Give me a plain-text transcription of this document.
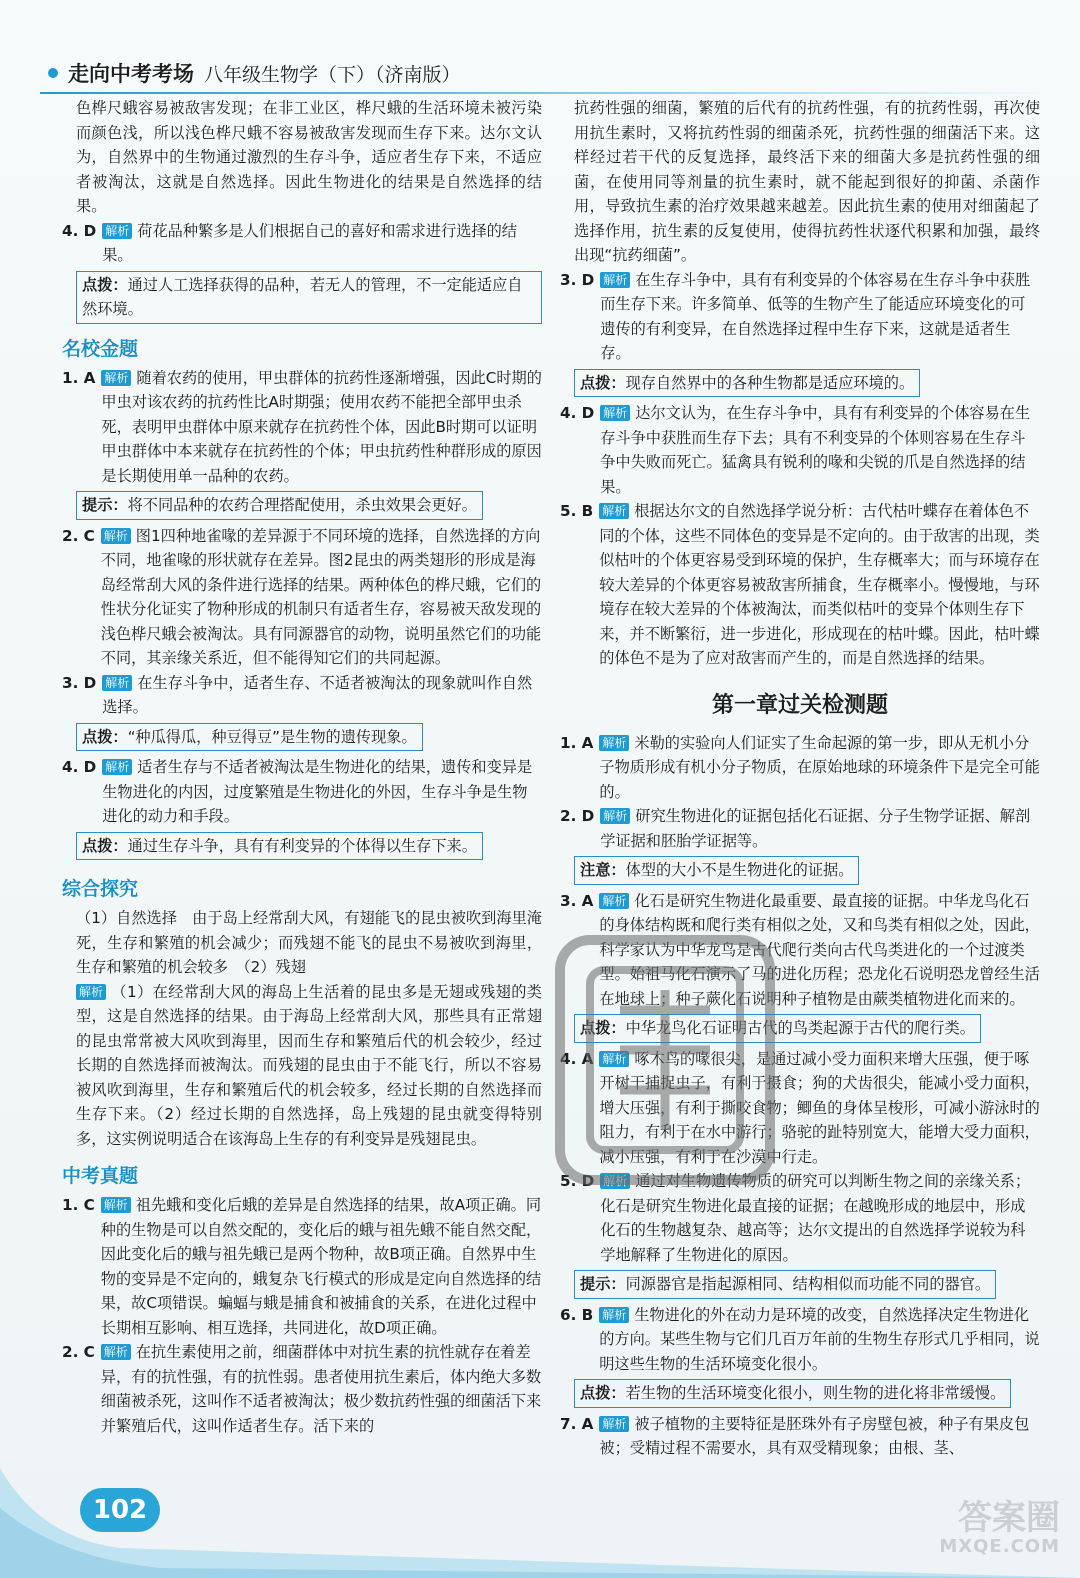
走向中考考场 八年级生物学（下）（济南版）

色桦尺蛾容易被敌害发现；在非工业区，桦尺蛾的生活环境未被污染而颜色浅，所以浅色桦尺蛾不容易被敌害发现而生存下来。达尔文认为，自然界中的生物通过激烈的生存斗争，适应者生存下来，不适应者被淘汰，这就是自然选择。因此生物进化的结果是自然选择的结果。

4. D 解析 荷花品种繁多是人们根据自己的喜好和需求进行选择的结果。
点拨：通过人工选择获得的品种，若无人的管理，不一定能适应自然环境。
名校金题
1. A 解析 随着农药的使用，甲虫群体的抗药性逐渐增强，因此C时期的甲虫对该农药的抗药性比A时期强；使用农药不能把全部甲虫杀死，表明甲虫群体中原来就存在抗药性个体，因此B时期可以证明甲虫群体中本来就存在抗药性的个体；甲虫抗药性种群形成的原因是长期使用单一品种的农药。
提示：将不同品种的农药合理搭配使用，杀虫效果会更好。
2. C 解析 图1四种地雀喙的差异源于不同环境的选择，自然选择的方向不同，地雀喙的形状就存在差异。图2昆虫的两类翅形的形成是海岛经常刮大风的条件进行选择的结果。两种体色的桦尺蛾，它们的性状分化证实了物种形成的机制只有适者生存，容易被天敌发现的浅色桦尺蛾会被淘汰。具有同源器官的动物，说明虽然它们的功能不同，其亲缘关系近，但不能得知它们的共同起源。
3. D 解析 在生存斗争中，适者生存、不适者被淘汰的现象就叫作自然选择。
点拨：“种瓜得瓜，种豆得豆”是生物的遗传现象。
4. D 解析 适者生存与不适者被淘汰是生物进化的结果，遗传和变异是生物进化的内因，过度繁殖是生物进化的外因，生存斗争是生物进化的动力和手段。
点拨：通过生存斗争，具有有利变异的个体得以生存下来。
综合探究

（1）自然选择　由于岛上经常刮大风，有翅能飞的昆虫被吹到海里淹死，生存和繁殖的机会减少；而残翅不能飞的昆虫不易被吹到海里，生存和繁殖的机会较多　（2）残翅

解析 （1）在经常刮大风的海岛上生活着的昆虫多是无翅或残翅的类型，这是自然选择的结果。由于海岛上经常刮大风，那些具有正常翅的昆虫常常被大风吹到海里，因而生存和繁殖后代的机会较少，经过长期的自然选择而被淘汰。而残翅的昆虫由于不能飞行，所以不容易被风吹到海里，生存和繁殖后代的机会较多，经过长期的自然选择而生存下来。（2）经过长期的自然选择，岛上残翅的昆虫就变得特别多，这实例说明适合在该海岛上生存的有利变异是残翅昆虫。

中考真题
1. C 解析 祖先蛾和变化后蛾的差异是自然选择的结果，故A项正确。同种的生物是可以自然交配的，变化后的蛾与祖先蛾不能自然交配，因此变化后的蛾与祖先蛾已是两个物种，故B项正确。自然界中生物的变异是不定向的，蛾复杂飞行模式的形成是定向自然选择的结果，故C项错误。蝙蝠与蛾是捕食和被捕食的关系，在进化过程中长期相互影响、相互选择，共同进化，故D项正确。
2. C 解析 在抗生素使用之前，细菌群体中对抗生素的抗性就存在着差异，有的抗性强，有的抗性弱。患者使用抗生素后，体内绝大多数细菌被杀死，这叫作不适者被淘汰；极少数抗药性强的细菌活下来并繁殖后代，这叫作适者生存。活下来的

抗药性强的细菌，繁殖的后代有的抗药性强，有的抗药性弱，再次使用抗生素时，又将抗药性弱的细菌杀死，抗药性强的细菌活下来。这样经过若干代的反复选择，最终活下来的细菌大多是抗药性强的细菌，在使用同等剂量的抗生素时，就不能起到很好的抑菌、杀菌作用，导致抗生素的治疗效果越来越差。因此抗生素的使用对细菌起了选择作用，抗生素的反复使用，使得抗药性状逐代积累和加强，最终出现“抗药细菌”。

3. D 解析 在生存斗争中，具有有利变异的个体容易在生存斗争中获胜而生存下来。许多简单、低等的生物产生了能适应环境变化的可遗传的有利变异，在自然选择过程中生存下来，这就是适者生存。
点拨：现存自然界中的各种生物都是适应环境的。
4. D 解析 达尔文认为，在生存斗争中，具有有利变异的个体容易在生存斗争中获胜而生存下去；具有不利变异的个体则容易在生存斗争中失败而死亡。猛禽具有锐利的喙和尖锐的爪是自然选择的结果。
5. B 解析 根据达尔文的自然选择学说分析：古代枯叶蝶存在着体色不同的个体，这些不同体色的变异是不定向的。由于敌害的出现，类似枯叶的个体更容易受到环境的保护，生存概率大；而与环境存在较大差异的个体更容易被敌害所捕食，生存概率小。慢慢地，与环境存在较大差异的个体被淘汰，而类似枯叶的变异个体则生存下来，并不断繁衍，进一步进化，形成现在的枯叶蝶。因此，枯叶蝶的体色不是为了应对敌害而产生的，而是自然选择的结果。
第一章过关检测题
1. A 解析 米勒的实验向人们证实了生命起源的第一步，即从无机小分子物质形成有机小分子物质，在原始地球的环境条件下是完全可能的。
2. D 解析 研究生物进化的证据包括化石证据、分子生物学证据、解剖学证据和胚胎学证据等。
注意：体型的大小不是生物进化的证据。
3. A 解析 化石是研究生物进化最重要、最直接的证据。中华龙鸟化石的身体结构既和爬行类有相似之处，又和鸟类有相似之处，因此，科学家认为中华龙鸟是古代爬行类向古代鸟类进化的一个过渡类型。始祖马化石演示了马的进化历程；恐龙化石说明恐龙曾经生活在地球上；种子蕨化石说明种子植物是由蕨类植物进化而来的。
点拨：中华龙鸟化石证明古代的鸟类起源于古代的爬行类。
4. A 解析 啄木鸟的喙很尖，是通过减小受力面积来增大压强，便于啄开树干捕捉虫子，有利于摄食；狗的犬齿很尖，能减小受力面积，增大压强，有利于撕咬食物；鲫鱼的身体呈梭形，可减小游泳时的阻力，有利于在水中游行；骆驼的趾特别宽大，能增大受力面积，减小压强，有利于在沙漠中行走。
5. D 解析 通过对生物遗传物质的研究可以判断生物之间的亲缘关系；化石是研究生物进化最直接的证据；在越晚形成的地层中，形成化石的生物越复杂、越高等；达尔文提出的自然选择学说较为科学地解释了生物进化的原因。
提示：同源器官是指起源相同、结构相似而功能不同的器官。
6. B 解析 生物进化的外在动力是环境的改变，自然选择决定生物进化的方向。某些生物与它们几百万年前的生物生存形式几乎相同，说明这些生物的生活环境变化很小。
点拨：若生物的生活环境变化很小，则生物的进化将非常缓慢。
7. A 解析 被子植物的主要特征是胚珠外有子房壁包被，种子有果皮包被；受精过程不需要水，具有双受精现象；由根、茎、
102	答案圈
MXQE.COM
